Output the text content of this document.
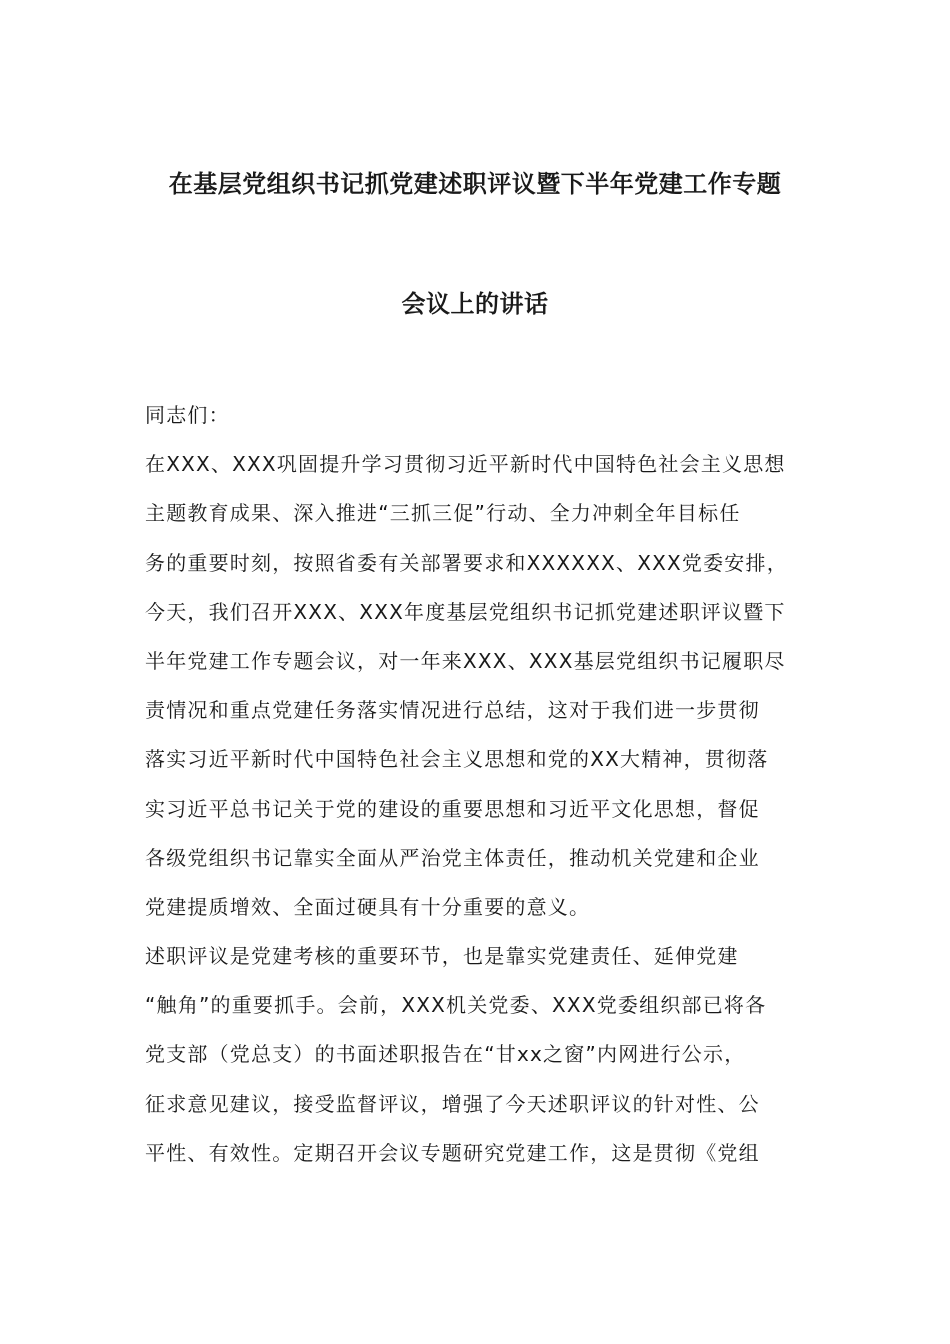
在基层党组织书记抓党建述职评议暨下半年党建工作专题
会议上的讲话
同志们：
在XXX、XXX巩固提升学习贯彻习近平新时代中国特色社会主义思想
主题教育成果、深入推进“三抓三促”行动、全力冲刺全年目标任
务的重要时刻，按照省委有关部署要求和XXXXXX、XXX党委安排，
今天，我们召开XXX、XXX年度基层党组织书记抓党建述职评议暨下
半年党建工作专题会议，对一年来XXX、XXX基层党组织书记履职尽
责情况和重点党建任务落实情况进行总结，这对于我们进一步贯彻
落实习近平新时代中国特色社会主义思想和党的XX大精神，贯彻落
实习近平总书记关于党的建设的重要思想和习近平文化思想，督促
各级党组织书记靠实全面从严治党主体责任，推动机关党建和企业
党建提质增效、全面过硬具有十分重要的意义。
述职评议是党建考核的重要环节，也是靠实党建责任、延伸党建
“触角”的重要抓手。会前，XXX机关党委、XXX党委组织部已将各
党支部（党总支）的书面述职报告在“甘xx之窗”内网进行公示，
征求意见建议，接受监督评议，增强了今天述职评议的针对性、公
平性、有效性。定期召开会议专题研究党建工作，这是贯彻《党组
